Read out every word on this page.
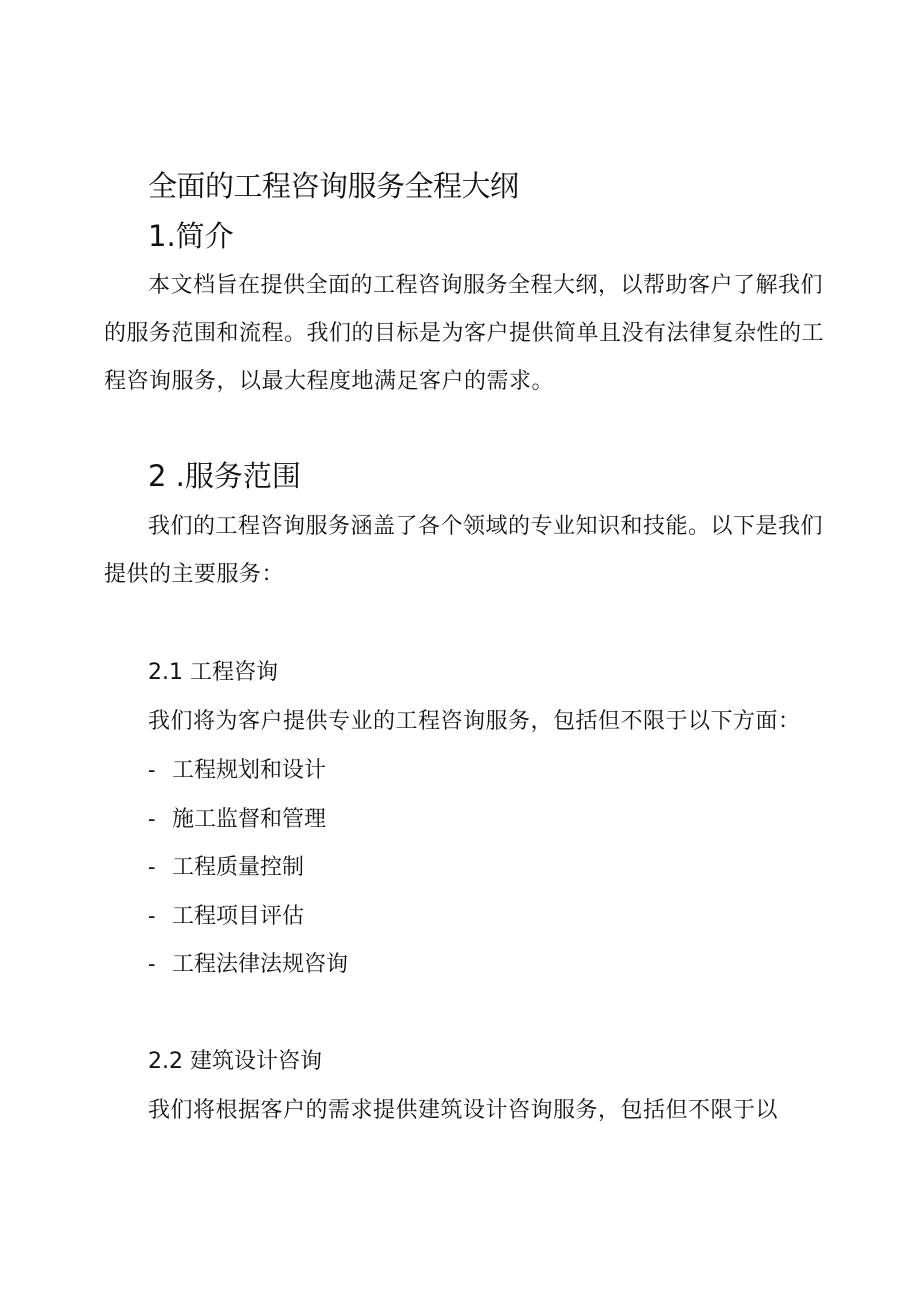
全面的工程咨询服务全程大纲
1.简介

本文档旨在提供全面的工程咨询服务全程大纲，以帮助客户了解我们的服务范围和流程。我们的目标是为客户提供简单且没有法律复杂性的工程咨询服务，以最大程度地满足客户的需求。

2 .服务范围

我们的工程咨询服务涵盖了各个领域的专业知识和技能。以下是我们提供的主要服务：

2.1 工程咨询

我们将为客户提供专业的工程咨询服务，包括但不限于以下方面：

- 工程规划和设计
- 施工监督和管理
- 工程质量控制
- 工程项目评估
- 工程法律法规咨询
2.2 建筑设计咨询

我们将根据客户的需求提供建筑设计咨询服务，包括但不限于以
